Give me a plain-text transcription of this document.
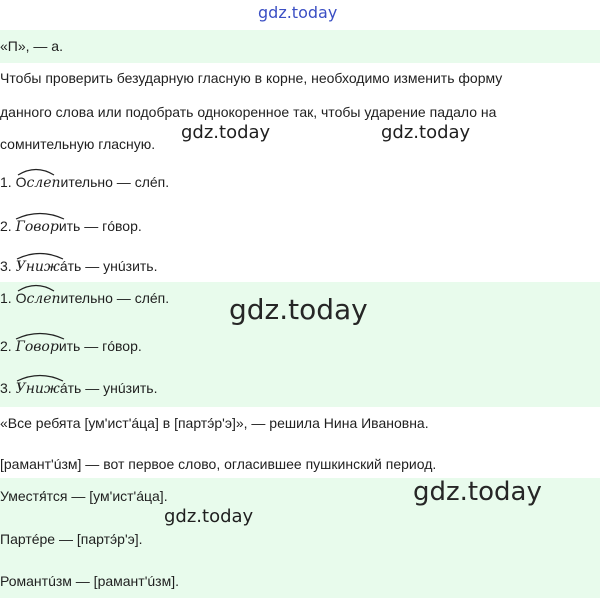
gdz.today
«П», — а.
Чтобы проверить безударную гласную в корне, необходимо изменить форму
данного слова или подобрать однокоренное так, чтобы ударение падало на
сомнительную гласную.
gdz.today	gdz.today
1. Ослепительно — слéп.
2. Говорить — гóвор.
3. Унижáть — унúзить.
1. Ослепительно — слéп.
2. Говорить — гóвор.
3. Унижáть — унúзить.
gdz.today
«Все ребята [ум'ист'áца] в [партэ́р'э]», — решила Нина Ивановна.
[рамант'úзм] — вот первое слово, огласившее пушкинский период.
Уместя́тся — [ум'ист'áца].
Партéре — [партэ́р'э].
Романтúзм — [рамант'úзм].
gdz.today
gdz.today
